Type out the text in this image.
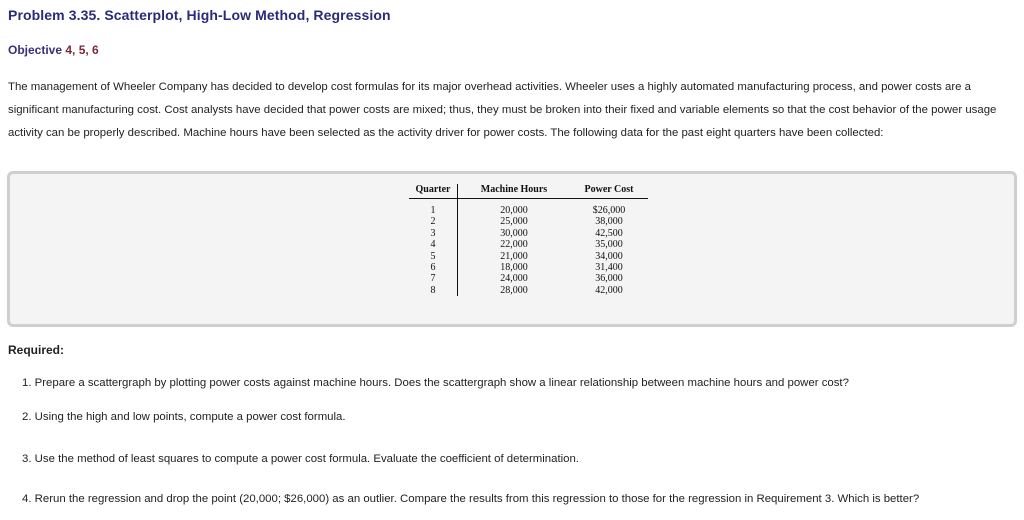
Problem 3.35. Scatterplot, High-Low Method, Regression
Objective 4, 5, 6

The management of Wheeler Company has decided to develop cost formulas for its major overhead activities. Wheeler uses a highly automated manufacturing process, and power costs are a significant manufacturing cost. Cost analysts have decided that power costs are mixed; thus, they must be broken into their fixed and variable elements so that the cost behavior of the power usage activity can be properly described. Machine hours have been selected as the activity driver for power costs. The following data for the past eight quarters have been collected:

Quarter	Machine Hours	Power Cost
1	20,000	$26,000
2	25,000	38,000
3	30,000	42,500
4	22,000	35,000
5	21,000	34,000
6	18,000	31,400
7	24,000	36,000
8	28,000	42,000
Required:
1. Prepare a scattergraph by plotting power costs against machine hours. Does the scattergraph show a linear relationship between machine hours and power cost?
2. Using the high and low points, compute a power cost formula.
3. Use the method of least squares to compute a power cost formula. Evaluate the coefficient of determination.
4. Rerun the regression and drop the point (20,000; $26,000) as an outlier. Compare the results from this regression to those for the regression in Requirement 3. Which is better?
